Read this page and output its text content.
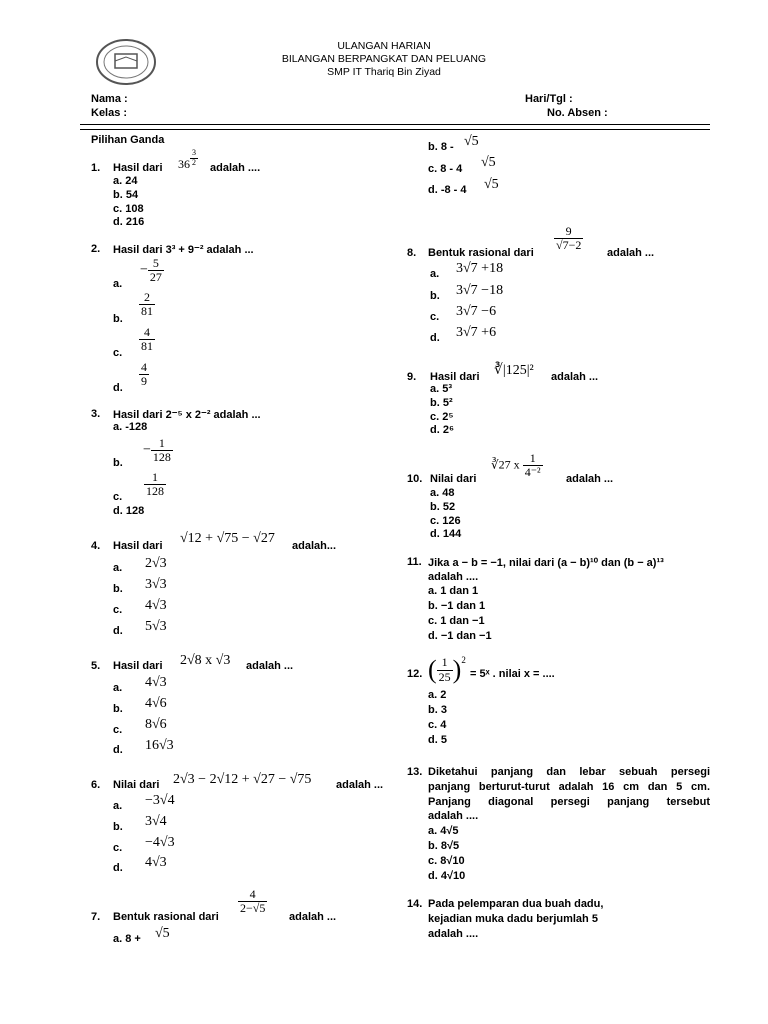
ULANGAN HARIAN
BILANGAN BERPANGKAT DAN PELUANG
SMP IT Thariq Bin Ziyad
Nama :
Kelas :
Hari/Tgl :
No. Absen :
Pilihan Ganda
1. Hasil dari $36 \frac{3}{2}$
adalah ....
a. 24
b. 54
c. 108
d. 216
2. Hasil dari 3³ + 9⁻² adalah ...
a.
− $\frac{5}{27}$
b.
$\frac{2}{81}$
c. $\frac{4}{81}$
d. $\frac{4}{9}$
3. Hasil dari 2⁻⁵ x 2⁻² adalah ...
a. -128
b.
− $\frac{1}{128}$
c. $\frac{1}{128}$
d. 128
4. Hasil dari √12 + √75 − √27 adalah...
a. 2√3
b. 3√3
c. 4√3
d. 5√3
5. Hasil dari 2√8 x √3 adalah ...
a. 4√3
b. 4√6
c. 8√6
d. 16√3
6. Nilai dari 2√3 − 2√12 + √27 − √75 adalah ...
a. −3√4
b. 3√4
c. −4√3
d. 4√3
7. Bentuk rasional dari
$\frac{4}{2-√5}$
adalah ...
a. 8 + √5
b. 8 - √5
c. 8 - 4 √5
d. -8 - 4 √5
8. Bentuk rasional dari
$\frac{9}{√7-2}$
adalah ...
a. 3√7 +18
b. 3√7 −18
c. 3√7 −6
d. 3√7 +6
9. Hasil dari ∛|125|² adalah ...
a. 5³
b. 5²
c. 2⁵
d. 2⁶
10. Nilai dari
∛27 x $\frac{1}{\text{4⁻²}}$ adalah ...
a. 48
b. 52
c. 126
d. 144
11. Jika a − b = −1, nilai dari (a − b)¹⁰ dan (b − a)¹³
adalah ....
a. 1 dan 1
b. −1 dan 1
c. 1 dan −1
d. −1 dan −1
12. ( $\frac{1}{25} )^2$
= 5ˣ . nilai x = ....
a. 2
b. 3
c. 4
d. 5
13. Diketahui panjang dan lebar sebuah persegi
panjang berturut-turut adalah 16 cm dan 5 cm.
Panjang diagonal persegi panjang tersebut
adalah ....
a. 4√5
b. 8√5
c. 8√10
d. 4√10
14. Pada pelemparan dua buah dadu,
kejadian muka dadu berjumlah 5
adalah ....
